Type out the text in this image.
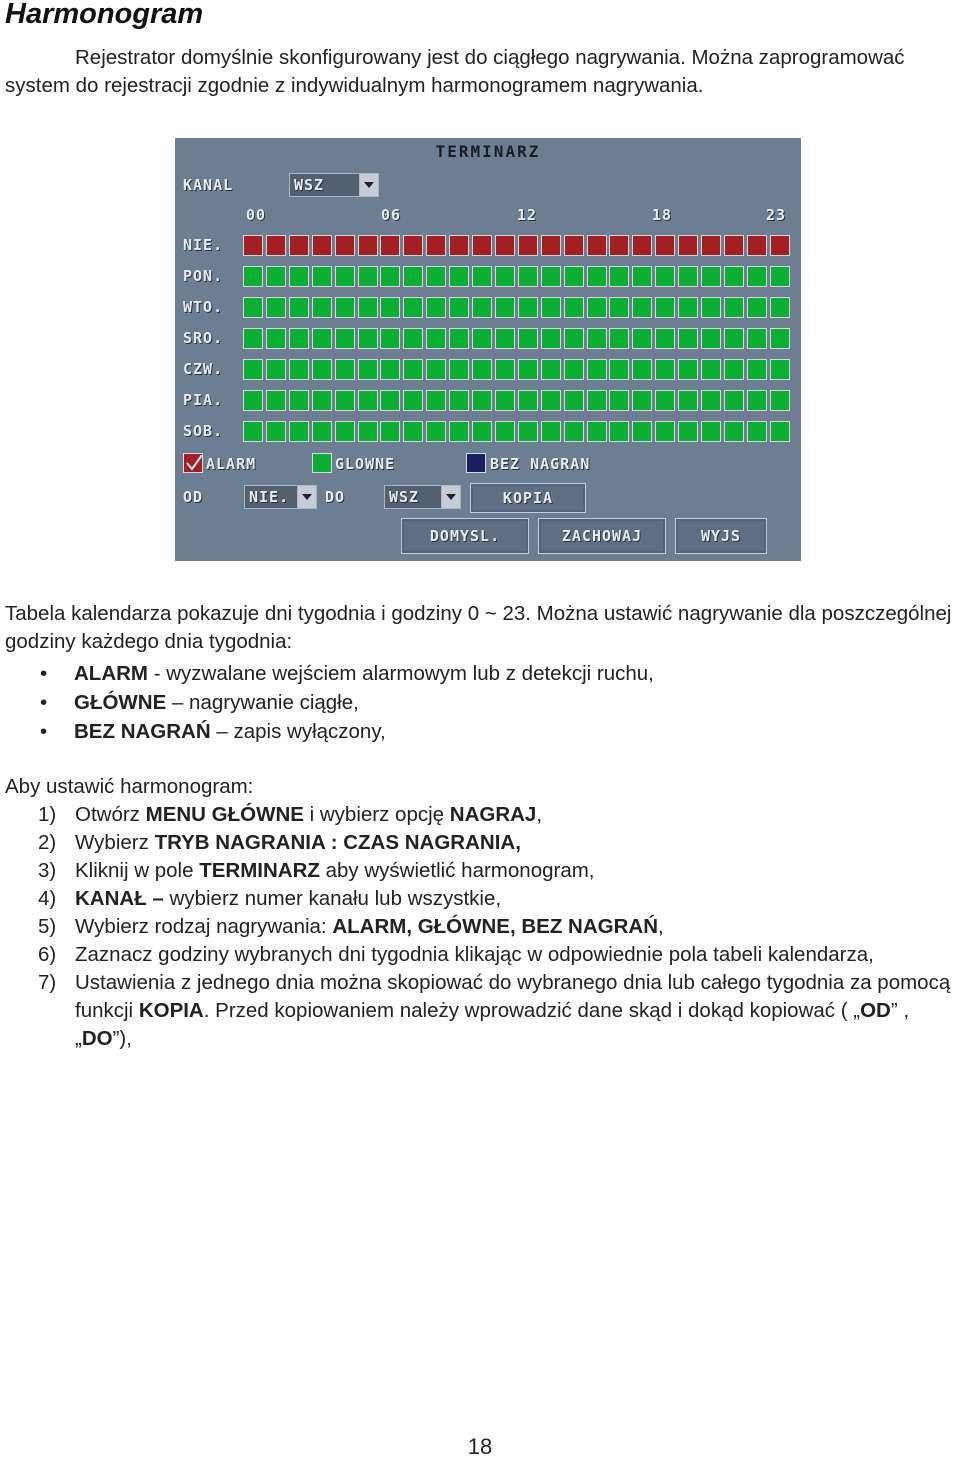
Harmonogram

Rejestrator domyślnie skonfigurowany jest do ciągłego nagrywania. Można zaprogramować system do rejestracji zgodnie z indywidualnym harmonogramem nagrywania.

TERMINARZ
KANAL	WSZ
00	06	12	18	23
NIE.
PON.
WTO.
SRO.
CZW.
PIA.
SOB.
ALARM	GLOWNE	BEZ NAGRAN
OD	NIE. DO	WSZ	KOPIA
DOMYSL.	ZACHOWAJ	WYJS

Tabela kalendarza pokazuje dni tygodnia i godziny 0 ~ 23. Można ustawić nagrywanie dla poszczególnej godziny każdego dnia tygodnia:

• ALARM - wyzwalane wejściem alarmowym lub z detekcji ruchu,
• GŁÓWNE – nagrywanie ciągłe,
• BEZ NAGRAŃ – zapis wyłączony,

Aby ustawić harmonogram:

1) Otwórz MENU GŁÓWNE i wybierz opcję NAGRAJ,
2) Wybierz TRYB NAGRANIA : CZAS NAGRANIA,
3) Kliknij w pole TERMINARZ aby wyświetlić harmonogram,
4) KANAŁ – wybierz numer kanału lub wszystkie,
5) Wybierz rodzaj nagrywania: ALARM, GŁÓWNE, BEZ NAGRAŃ,
6) Zaznacz godziny wybranych dni tygodnia klikając w odpowiednie pola tabeli kalendarza,
7) Ustawienia z jednego dnia można skopiować do wybranego dnia lub całego tygodnia za pomocą funkcji KOPIA. Przed kopiowaniem należy wprowadzić dane skąd i dokąd kopiować ( „OD” , „DO”),
18
